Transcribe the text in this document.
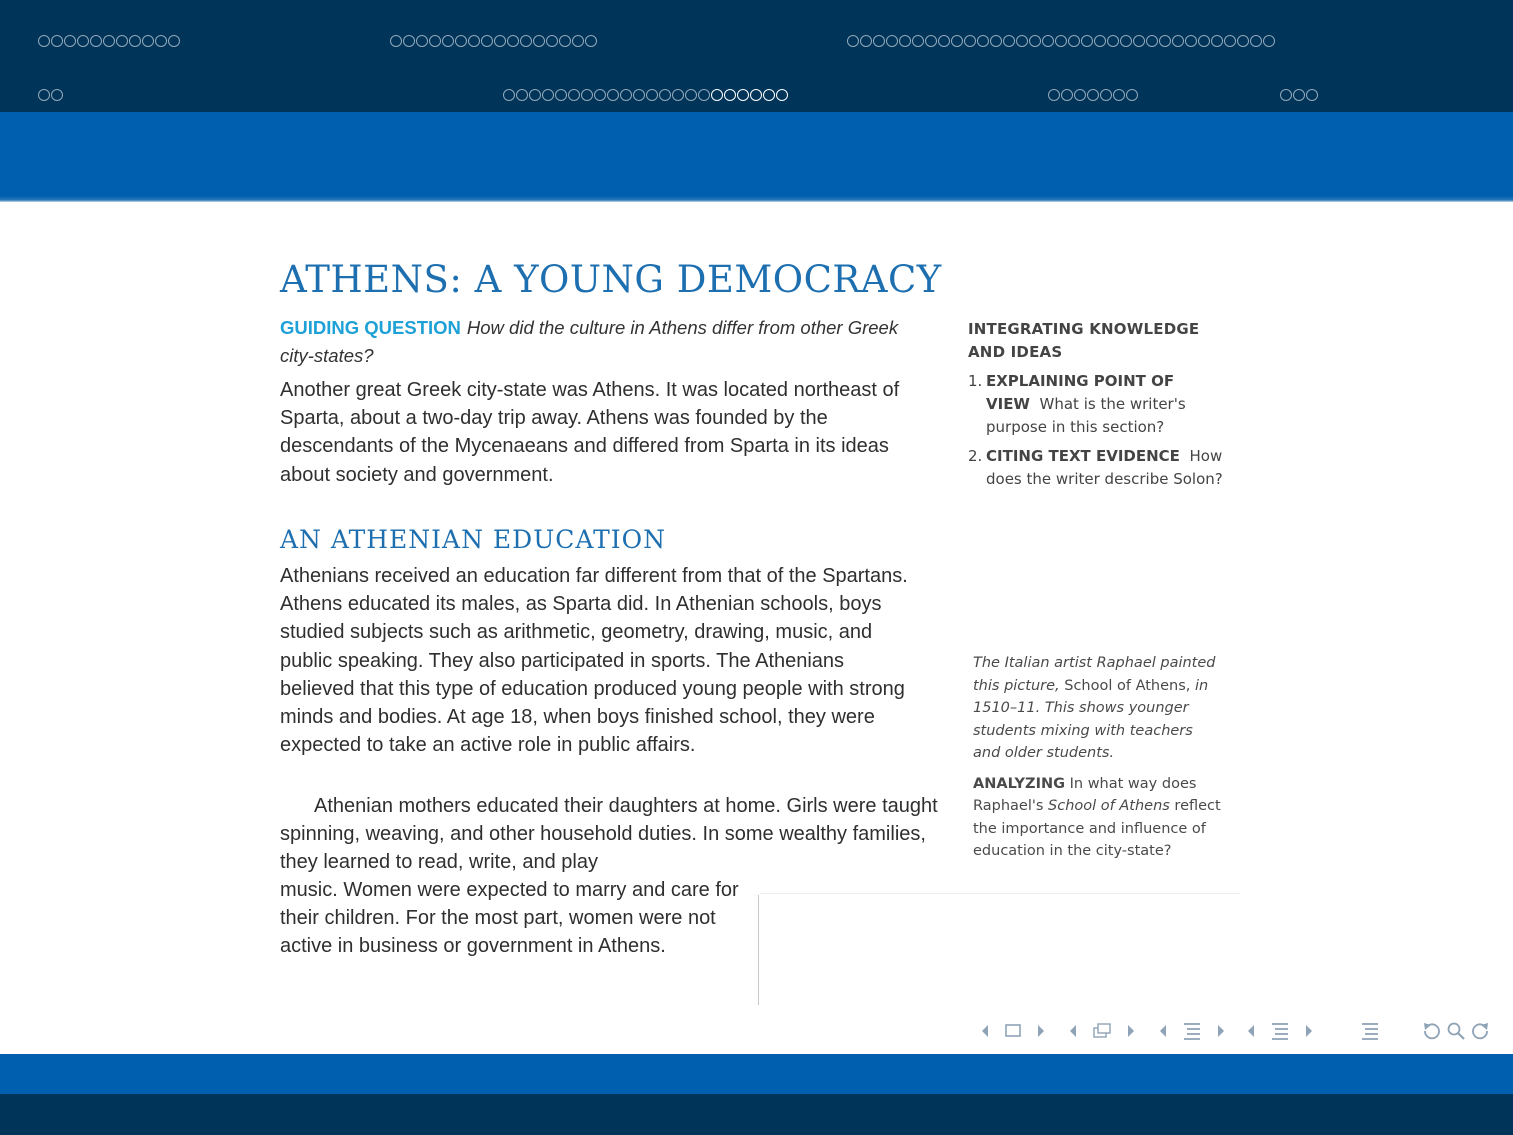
ATHENS: A YOUNG DEMOCRACY
GUIDING QUESTION How did the culture in Athens differ from other Greek city-states?
Another great Greek city-state was Athens. It was located northeast of Sparta, about a two-day trip away. Athens was founded by the descendants of the Mycenaeans and differed from Sparta in its ideas about society and government.
AN ATHENIAN EDUCATION
Athenians received an education far different from that of the Spartans. Athens educated its males, as Sparta did. In Athenian schools, boys studied subjects such as arithmetic, geometry, drawing, music, and public speaking. They also participated in sports. The Athenians believed that this type of education produced young people with strong minds and bodies. At age 18, when boys finished school, they were expected to take an active role in public affairs.
Athenian mothers educated their daughters at home. Girls were taught spinning, weaving, and other household duties. In some wealthy families, they learned to read, write, and play
music. Women were expected to marry and care for their children. For the most part, women were not active in business or government in Athens.
INTEGRATING KNOWLEDGE AND IDEAS
1. EXPLAINING POINT OF VIEW What is the writer's purpose in this section?
2. CITING TEXT EVIDENCE How does the writer describe Solon?
The Italian artist Raphael painted this picture, School of Athens, in 1510–11. This shows younger students mixing with teachers and older students.
ANALYZING In what way does Raphael's School of Athens reflect the importance and influence of education in the city-state?
